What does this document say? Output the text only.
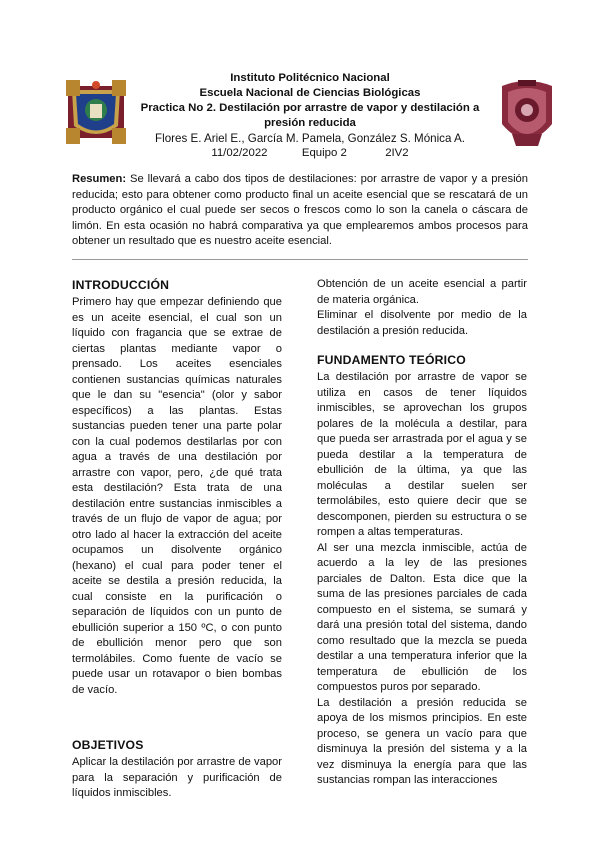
Instituto Politécnico Nacional
Escuela Nacional de Ciencias Biológicas
Practica No 2. Destilación por arrastre de vapor y destilación a
presión reducida
Flores E. Ariel E., García M. Pamela, González S. Mónica A.
11/02/2022	Equipo 2	2IV2
Resumen: Se llevará a cabo dos tipos de destilaciones: por arrastre de vapor y a presión reducida; esto para obtener como producto final un aceite esencial que se rescatará de un producto orgánico el cual puede ser secos o frescos como lo son la canela o cáscara de limón. En esta ocasión no habrá comparativa ya que emplearemos ambos procesos para obtener un resultado que es nuestro aceite esencial.
INTRODUCCIÓN

Primero hay que empezar definiendo que es un aceite esencial, el cual son un líquido con fragancia que se extrae de ciertas plantas mediante vapor o prensado. Los aceites esenciales contienen sustancias químicas naturales que le dan su "esencia" (olor y sabor específicos) a las plantas. Estas sustancias pueden tener una parte polar con la cual podemos destilarlas por con agua a través de una destilación por arrastre con vapor, pero, ¿de qué trata esta destilación? Esta trata de una destilación entre sustancias inmiscibles a través de un flujo de vapor de agua; por otro lado al hacer la extracción del aceite ocupamos un disolvente orgánico (hexano) el cual para poder tener el aceite se destila a presión reducida, la cual consiste en la purificación o separación de líquidos con un punto de ebullición superior a 150 ºC, o con punto de ebullición menor pero que son termolábiles. Como fuente de vacío se puede usar un rotavapor o bien bombas de vacío.

OBJETIVOS

Aplicar la destilación por arrastre de vapor para la separación y purificación de líquidos inmiscibles.

Obtención de un aceite esencial a partir de materia orgánica.

Eliminar el disolvente por medio de la destilación a presión reducida.

FUNDAMENTO TEÓRICO

La destilación por arrastre de vapor se utiliza en casos de tener líquidos inmiscibles, se aprovechan los grupos polares de la molécula a destilar, para que pueda ser arrastrada por el agua y se pueda destilar a la temperatura de ebullición de la última, ya que las moléculas a destilar suelen ser termolábiles, esto quiere decir que se descomponen, pierden su estructura o se rompen a altas temperaturas.

Al ser una mezcla inmiscible, actúa de acuerdo a la ley de las presiones parciales de Dalton. Esta dice que la suma de las presiones parciales de cada compuesto en el sistema, se sumará y dará una presión total del sistema, dando como resultado que la mezcla se pueda destilar a una temperatura inferior que la temperatura de ebullición de los compuestos puros por separado.

La destilación a presión reducida se apoya de los mismos principios. En este proceso, se genera un vacío para que disminuya la presión del sistema y a la vez disminuya la energía para que las sustancias rompan las interacciones
